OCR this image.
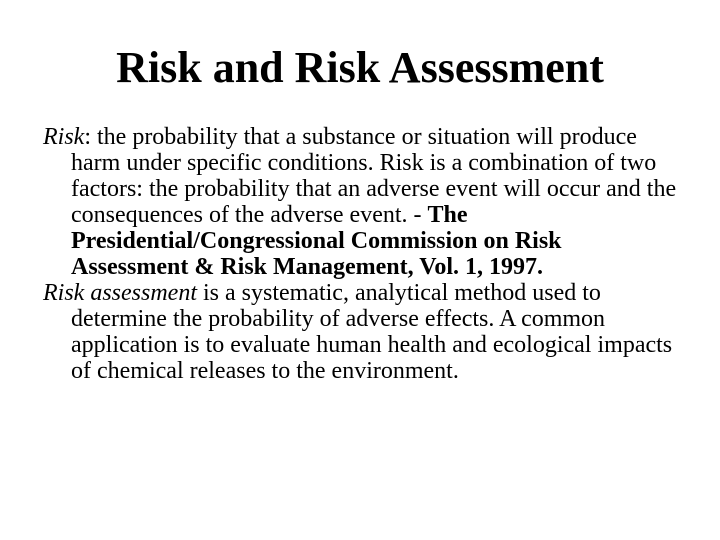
Risk and Risk Assessment

Risk: the probability that a substance or situation will produce harm under specific conditions. Risk is a combination of two factors: the probability that an adverse event will occur and the consequences of the adverse event. - The Presidential/Congressional Commission on Risk Assessment & Risk Management, Vol. 1, 1997.

Risk assessment is a systematic, analytical method used to determine the probability of adverse effects. A common application is to evaluate human health and ecological impacts of chemical releases to the environment.
